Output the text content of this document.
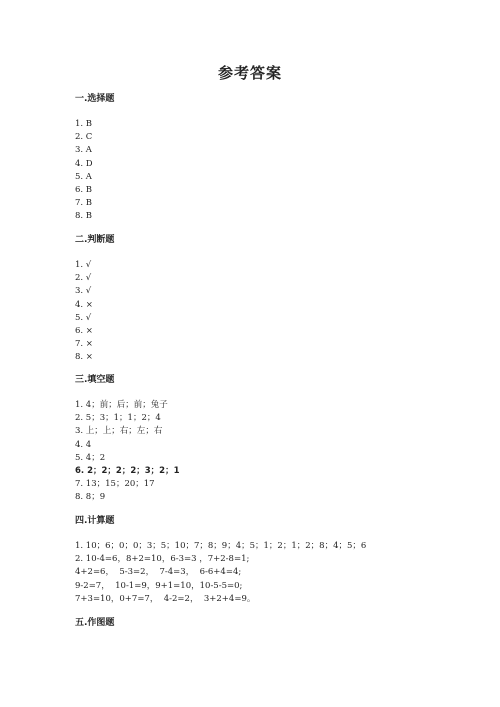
参考答案
一.选择题
1. B
2. C
3. A
4. D
5. A
6. B
7. B
8. B
二.判断题
1. √
2. √
3. √
4. ×
5. √
6. ×
7. ×
8. ×
三.填空题
1. 4；前；后；前；兔子
2. 5；3；1；1；2；4
3. 上；上；右；左；右
4. 4
5. 4；2
6. 2；2；2；2；3；2；1
7. 13；15；20；17
8. 8；9
四.计算题
1. 10；6；0；0；3；5；10；7；8；9；4；5；1；2；1；2；8；4；5；6
2. 10-4=6，8+2=10，6-3=3 ，7+2-8=1;
4+2=6，  5-3=2，  7-4=3，  6-6+4=4;
9-2=7，  10-1=9，9+1=10，10-5-5=0;
7+3=10，0+7=7，  4-2=2，  3+2+4=9。
五.作图题
